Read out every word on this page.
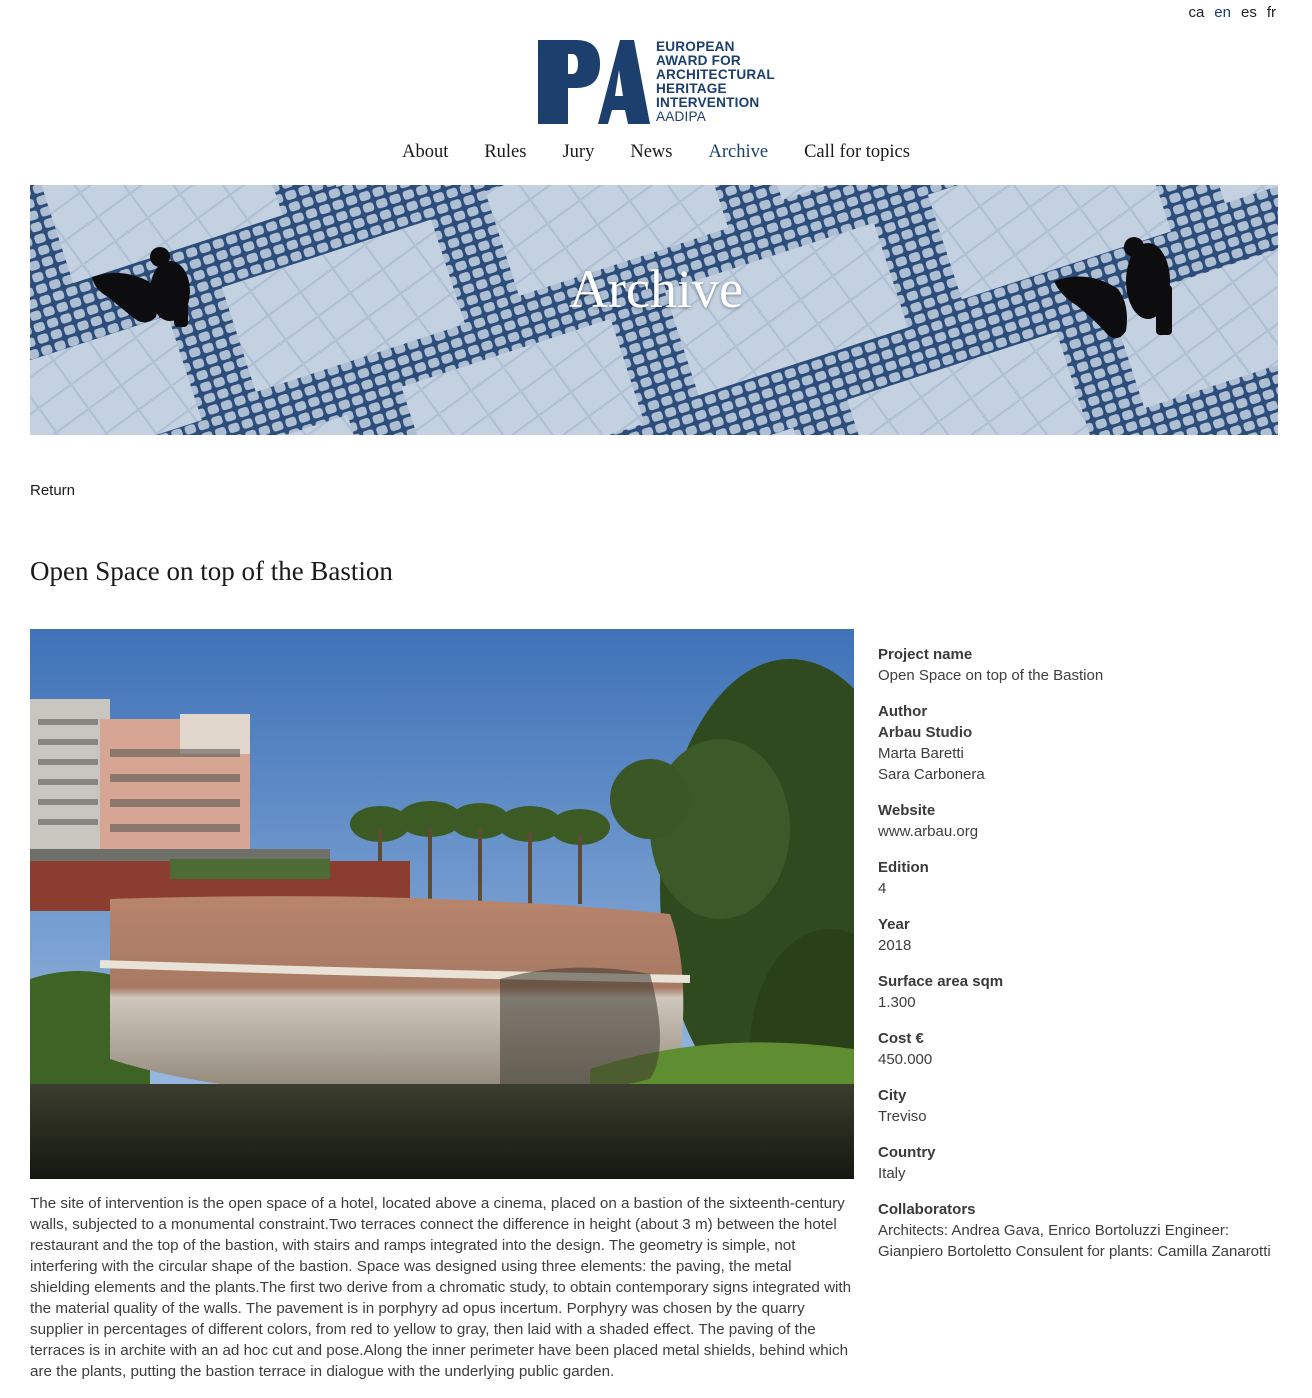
ca en es fr
EUROPEAN
AWARD FOR
ARCHITECTURAL
HERITAGE
INTERVENTION
AADIPA
About Rules Jury News Archive Call for topics
Archive
Return
Open Space on top of the Bastion

The site of intervention is the open space of a hotel, located above a cinema, placed on a bastion of the sixteenth-century walls, subjected to a monumental constraint.Two terraces connect the difference in height (about 3 m) between the hotel restaurant and the top of the bastion, with stairs and ramps integrated into the design. The geometry is simple, not interfering with the circular shape of the bastion. Space was designed using three elements: the paving, the metal shielding elements and the plants.The first two derive from a chromatic study, to obtain contemporary signs integrated with the material quality of the walls. The pavement is in porphyry ad opus incertum. Porphyry was chosen by the quarry supplier in percentages of different colors, from red to yellow to gray, then laid with a shaded effect. The paving of the terraces is in archite with an ad hoc cut and pose.Along the inner perimeter have been placed metal shields, behind which are the plants, putting the bastion terrace in dialogue with the underlying public garden.

Project name
Open Space on top of the Bastion
Author
Arbau Studio
Marta Baretti
Sara Carbonera
Website
www.arbau.org
Edition
4
Year
2018
Surface area sqm
1.300
Cost €
450.000
City
Treviso
Country
Italy
Collaborators
Architects: Andrea Gava, Enrico Bortoluzzi Engineer: Gianpiero Bortoletto Consulent for plants: Camilla Zanarotti
